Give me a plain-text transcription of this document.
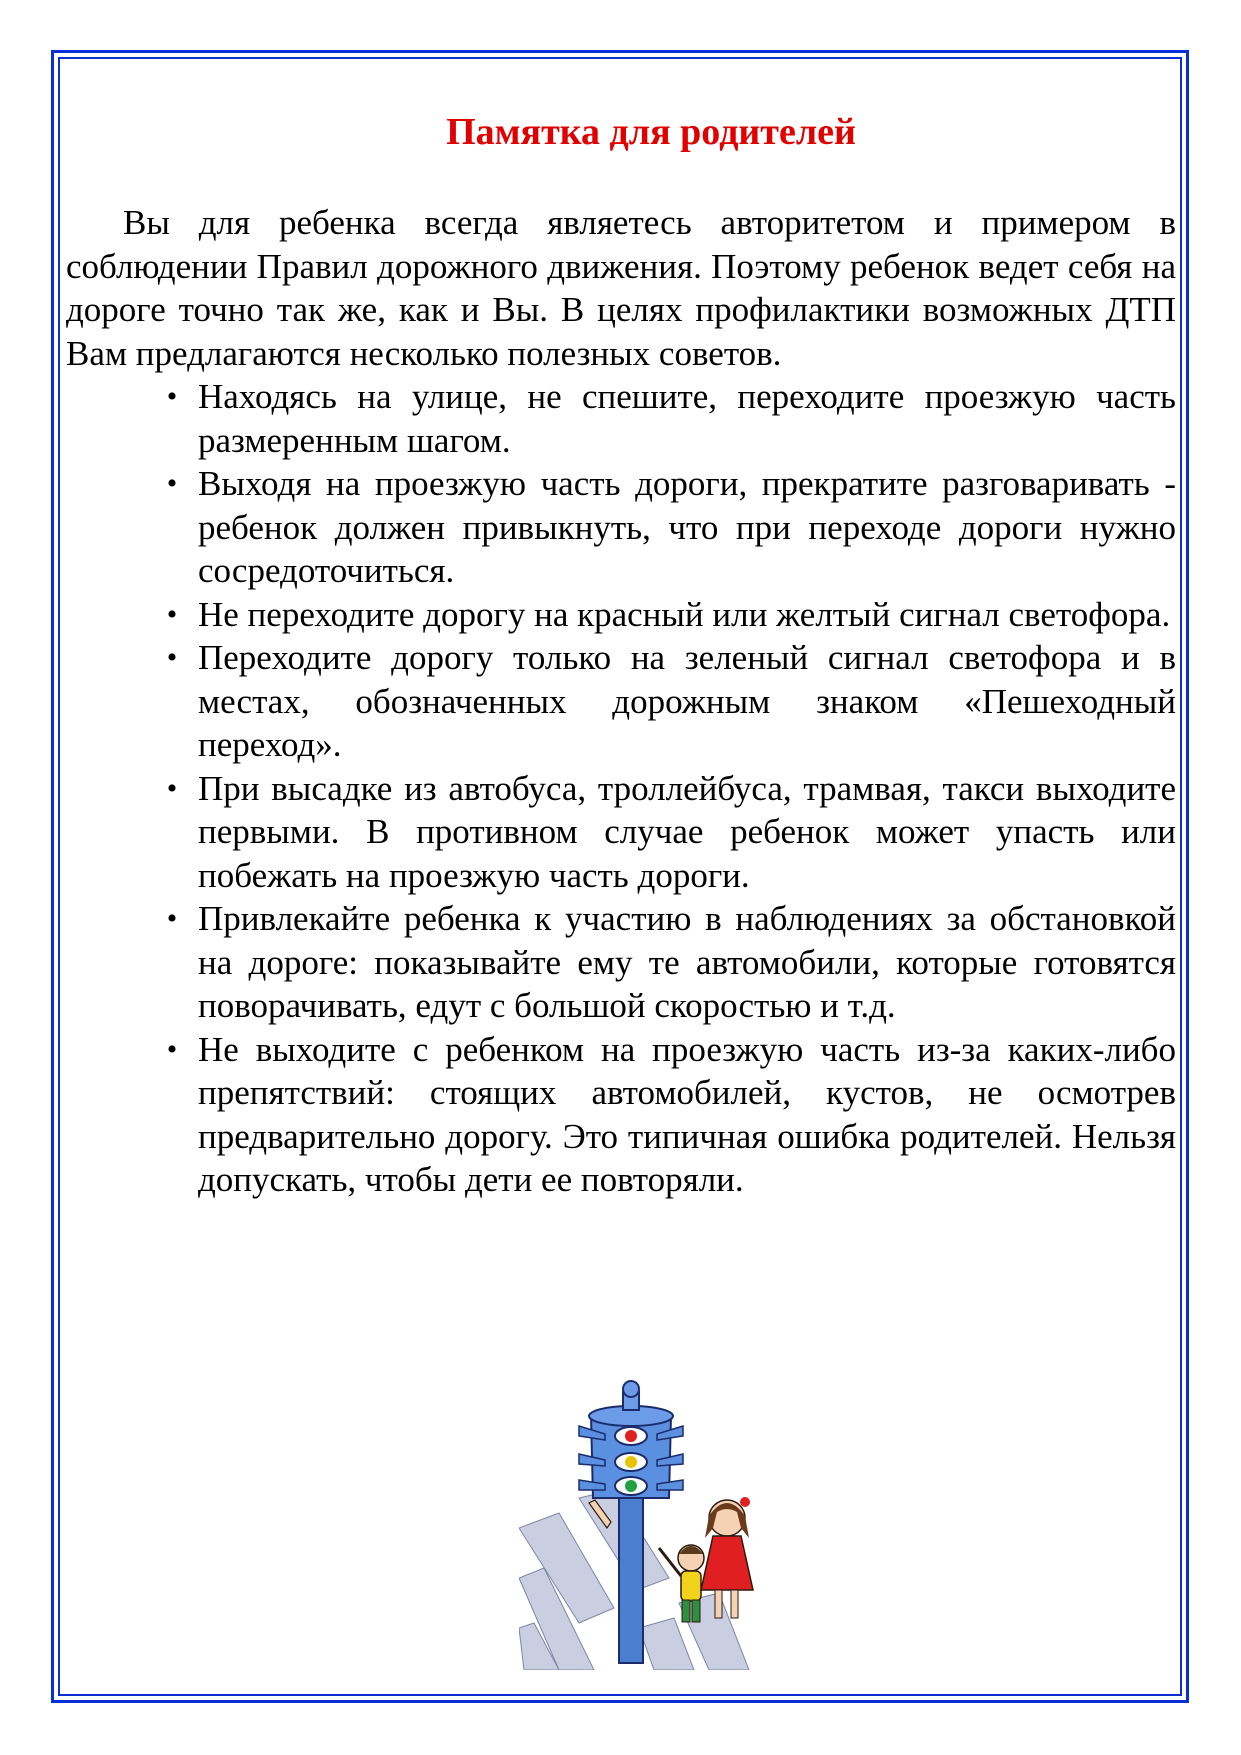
Памятка для родителей

Вы для ребенка всегда являетесь авторитетом и примером в соблюдении Правил дорожного движения. Поэтому ребенок ведет себя на дороге точно так же, как и Вы. В целях профилактики возможных ДТП Вам предлагаются несколько полезных советов.

• Находясь на улице, не спешите, переходите проезжую часть размеренным шагом.
• Выходя на проезжую часть дороги, прекратите разговаривать - ребенок должен привыкнуть, что при переходе дороги нужно сосредоточиться.
• Не переходите дорогу на красный или желтый сигнал светофора.
• Переходите дорогу только на зеленый сигнал светофора и в местах, обозначенных дорожным знаком «Пешеходный переход».
• При высадке из автобуса, троллейбуса, трамвая, такси выходите первыми. В противном случае ребенок может упасть или побежать на проезжую часть дороги.
• Привлекайте ребенка к участию в наблюдениях за обстановкой на дороге: показывайте ему те автомобили, которые готовятся поворачивать, едут с большой скоростью и т.д.
• Не выходите с ребенком на проезжую часть из-за каких-либо препятствий: стоящих автомобилей, кустов, не осмотрев предварительно дорогу. Это типичная ошибка родителей. Нельзя допускать, чтобы дети ее повторяли.
